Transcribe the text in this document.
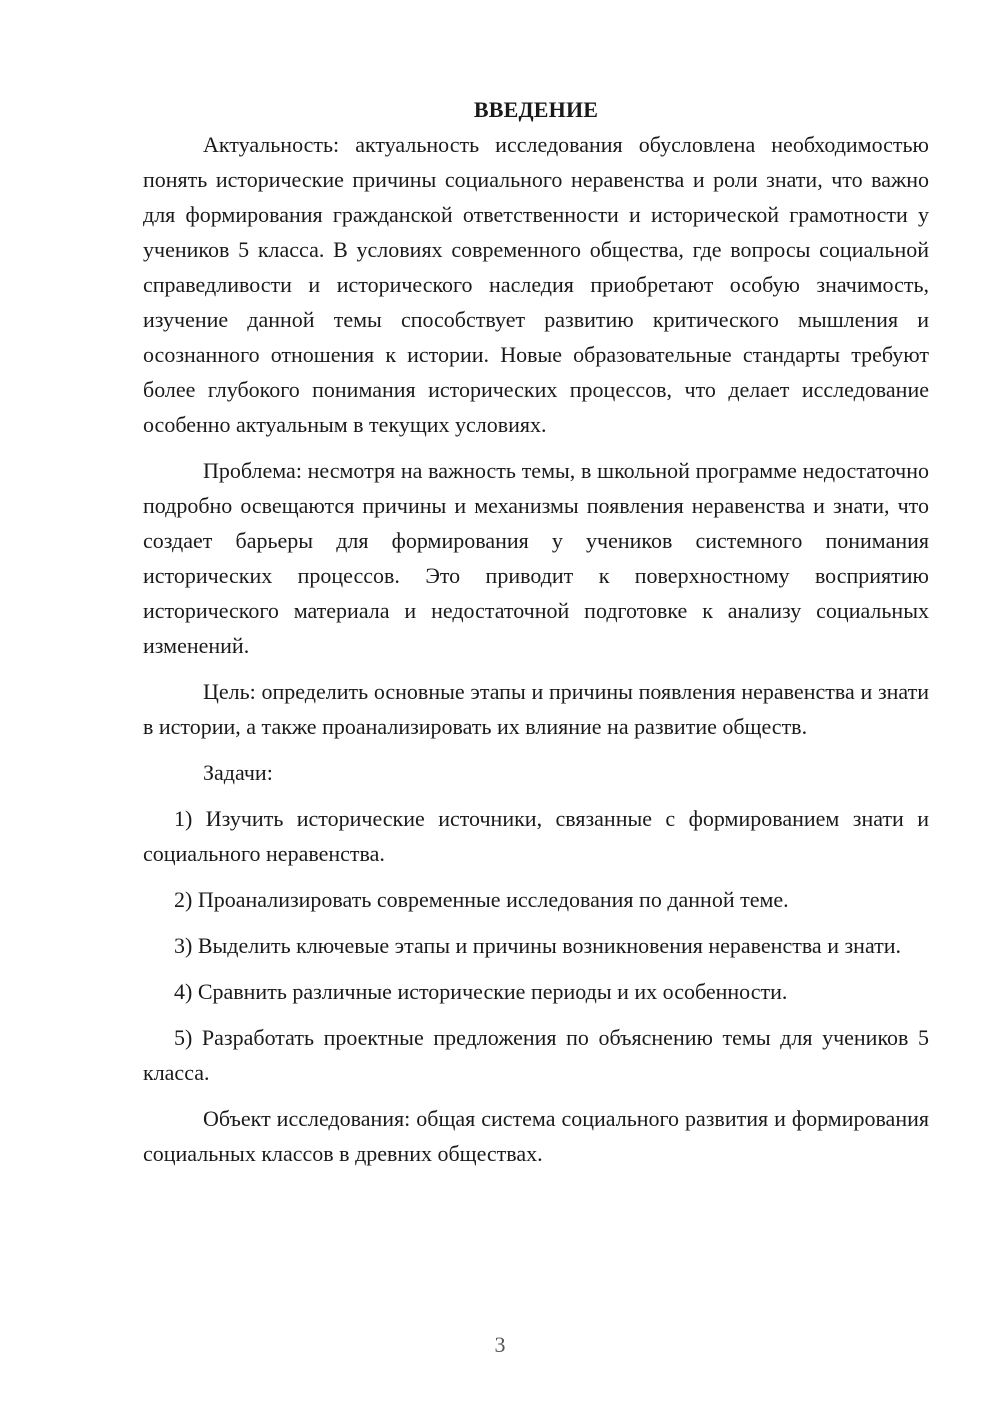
ВВЕДЕНИЕ

Актуальность: актуальность исследования обусловлена необходимостью понять исторические причины социального неравенства и роли знати, что важно для формирования гражданской ответственности и исторической грамотности у учеников 5 класса. В условиях современного общества, где вопросы социальной справедливости и исторического наследия приобретают особую значимость, изучение данной темы способствует развитию критического мышления и осознанного отношения к истории. Новые образовательные стандарты требуют более глубокого понимания исторических процессов, что делает исследование особенно актуальным в текущих условиях.

Проблема: несмотря на важность темы, в школьной программе недостаточно подробно освещаются причины и механизмы появления неравенства и знати, что создает барьеры для формирования у учеников системного понимания исторических процессов. Это приводит к поверхностному восприятию исторического материала и недостаточной подготовке к анализу социальных изменений.

Цель: определить основные этапы и причины появления неравенства и знати в истории, а также проанализировать их влияние на развитие обществ.

Задачи:

1) Изучить исторические источники, связанные с формированием знати и социального неравенства.

2) Проанализировать современные исследования по данной теме.

3) Выделить ключевые этапы и причины возникновения неравенства и знати.

4) Сравнить различные исторические периоды и их особенности.

5) Разработать проектные предложения по объяснению темы для учеников 5 класса.

Объект исследования: общая система социального развития и формирования социальных классов в древних обществах.

3
